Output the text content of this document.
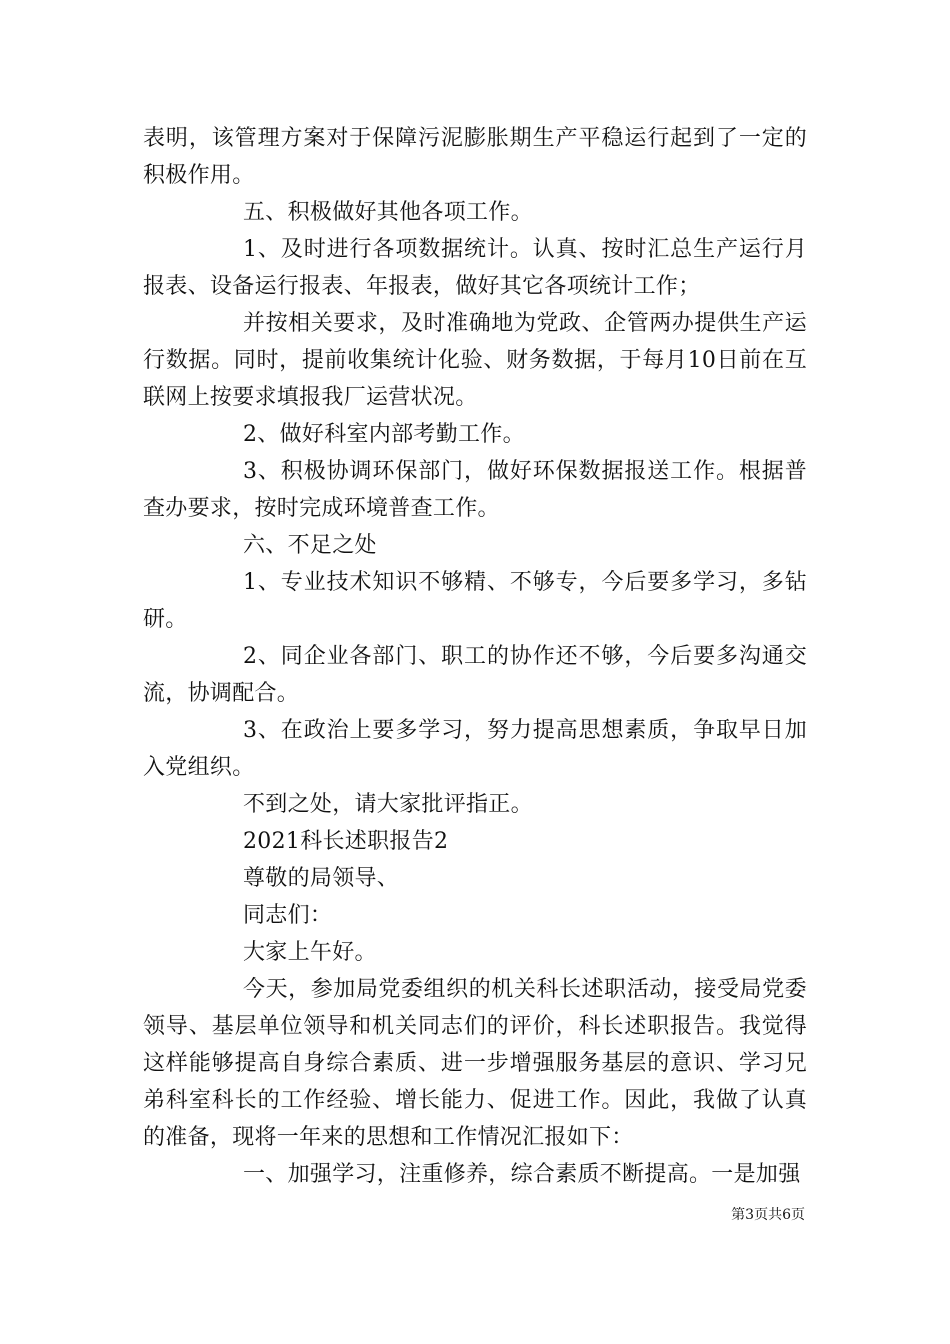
表明，该管理方案对于保障污泥膨胀期生产平稳运行起到了一定的积极作用。

五、积极做好其他各项工作。

1、及时进行各项数据统计。认真、按时汇总生产运行月报表、设备运行报表、年报表，做好其它各项统计工作；

并按相关要求，及时准确地为党政、企管两办提供生产运行数据。同时，提前收集统计化验、财务数据，于每月10日前在互联网上按要求填报我厂运营状况。

2、做好科室内部考勤工作。

3、积极协调环保部门，做好环保数据报送工作。根据普查办要求，按时完成环境普查工作。

六、不足之处

1、专业技术知识不够精、不够专，今后要多学习，多钻研。

2、同企业各部门、职工的协作还不够，今后要多沟通交流，协调配合。

3、在政治上要多学习，努力提高思想素质，争取早日加入党组织。

不到之处，请大家批评指正。

2021科长述职报告2

尊敬的局领导、

同志们：

大家上午好。

今天，参加局党委组织的机关科长述职活动，接受局党委领导、基层单位领导和机关同志们的评价，科长述职报告。我觉得这样能够提高自身综合素质、进一步增强服务基层的意识、学习兄弟科室科长的工作经验、增长能力、促进工作。因此，我做了认真的准备，现将一年来的思想和工作情况汇报如下：

一、加强学习，注重修养，综合素质不断提高。一是加强

第3页共6页
